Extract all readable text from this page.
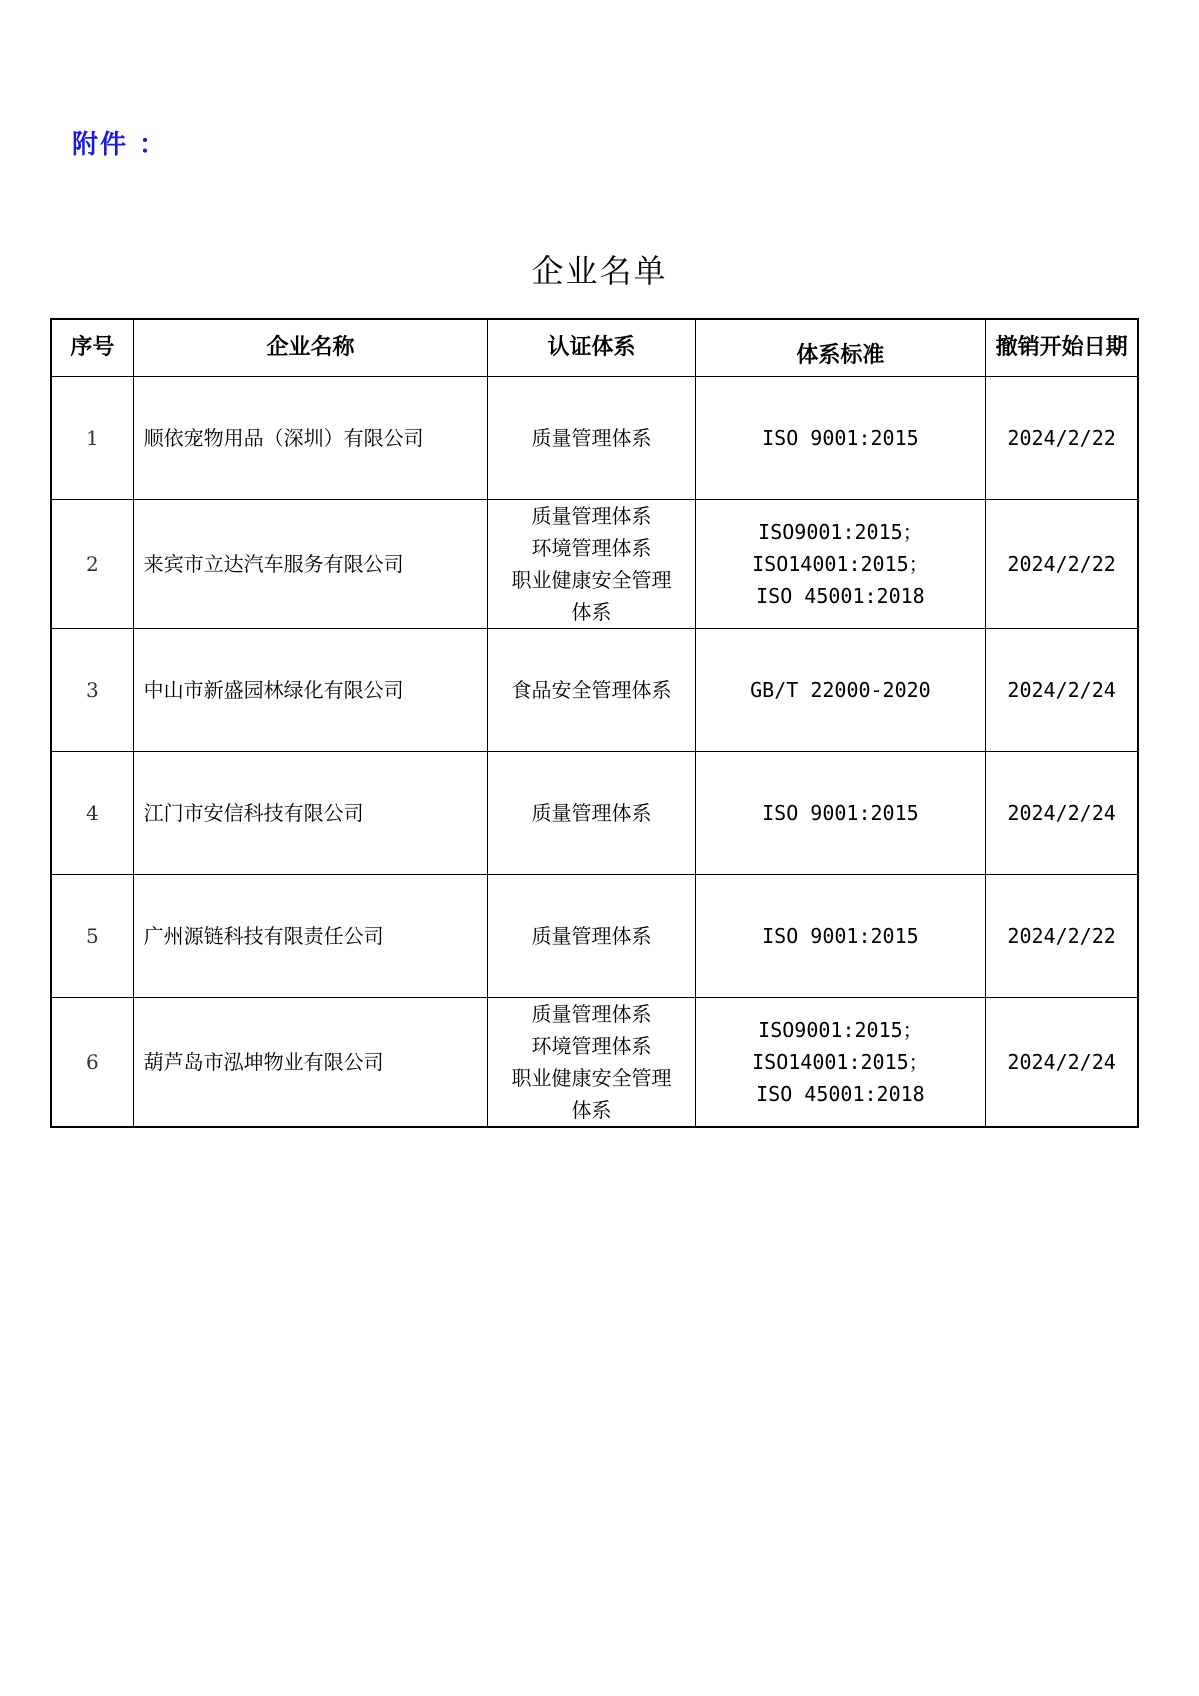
附件 ：
企业名单
序号	企业名称	认证体系	体系标准	撤销开始日期
1	顺依宠物用品（深圳）有限公司	质量管理体系	ISO 9001:2015	2024/2/22
2	来宾市立达汽车服务有限公司	质量管理体系
环境管理体系
职业健康安全管理
体系	ISO9001:2015；
ISO14001:2015；
ISO 45001:2018	2024/2/22
3	中山市新盛园林绿化有限公司	食品安全管理体系	GB/T 22000-2020	2024/2/24
4	江门市安信科技有限公司	质量管理体系	ISO 9001:2015	2024/2/24
5	广州源链科技有限责任公司	质量管理体系	ISO 9001:2015	2024/2/22
6	葫芦岛市泓坤物业有限公司	质量管理体系
环境管理体系
职业健康安全管理
体系	ISO9001:2015；
ISO14001:2015；
ISO 45001:2018	2024/2/24
